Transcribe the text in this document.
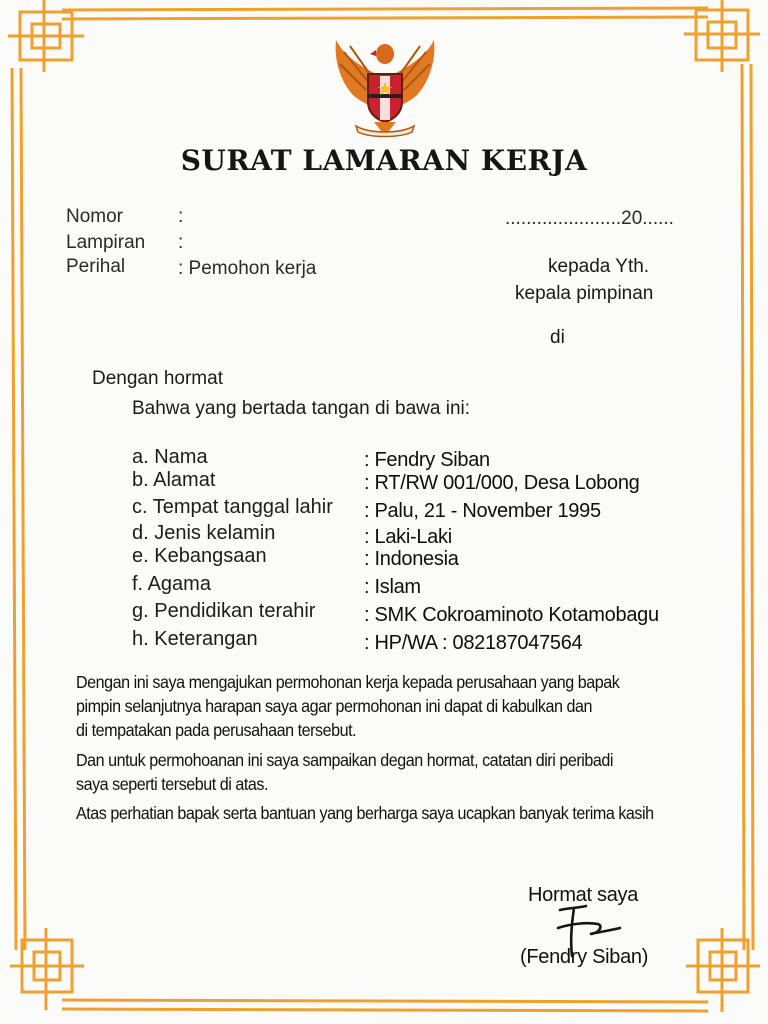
SURAT LAMARAN KERJA
Nomor	:
Lampiran :
Perihal	: Pemohon kerja
......................20......
kepada Yth.
kepala pimpinan
di
Dengan hormat
Bahwa yang bertada tangan di bawa ini:
a. Nama	: Fendry Siban
b. Alamat	: RT/RW 001/000, Desa Lobong
c. Tempat tanggal lahir : Palu, 21 - November 1995
d. Jenis kelamin	: Laki-Laki
e. Kebangsaan	: Indonesia
f. Agama	: Islam
g. Pendidikan terahir : SMK Cokroaminoto Kotamobagu
h. Keterangan	: HP/WA : 082187047564
Dengan ini saya mengajukan permohonan kerja kepada perusahaan yang bapak
pimpin selanjutnya harapan saya agar permohonan ini dapat di kabulkan dan
di tempatakan pada perusahaan tersebut.
Dan untuk permohoanan ini saya sampaikan degan hormat, catatan diri peribadi
saya seperti tersebut di atas.
Atas perhatian bapak serta bantuan yang berharga saya ucapkan banyak terima kasih
Hormat saya
(Fendry Siban)
